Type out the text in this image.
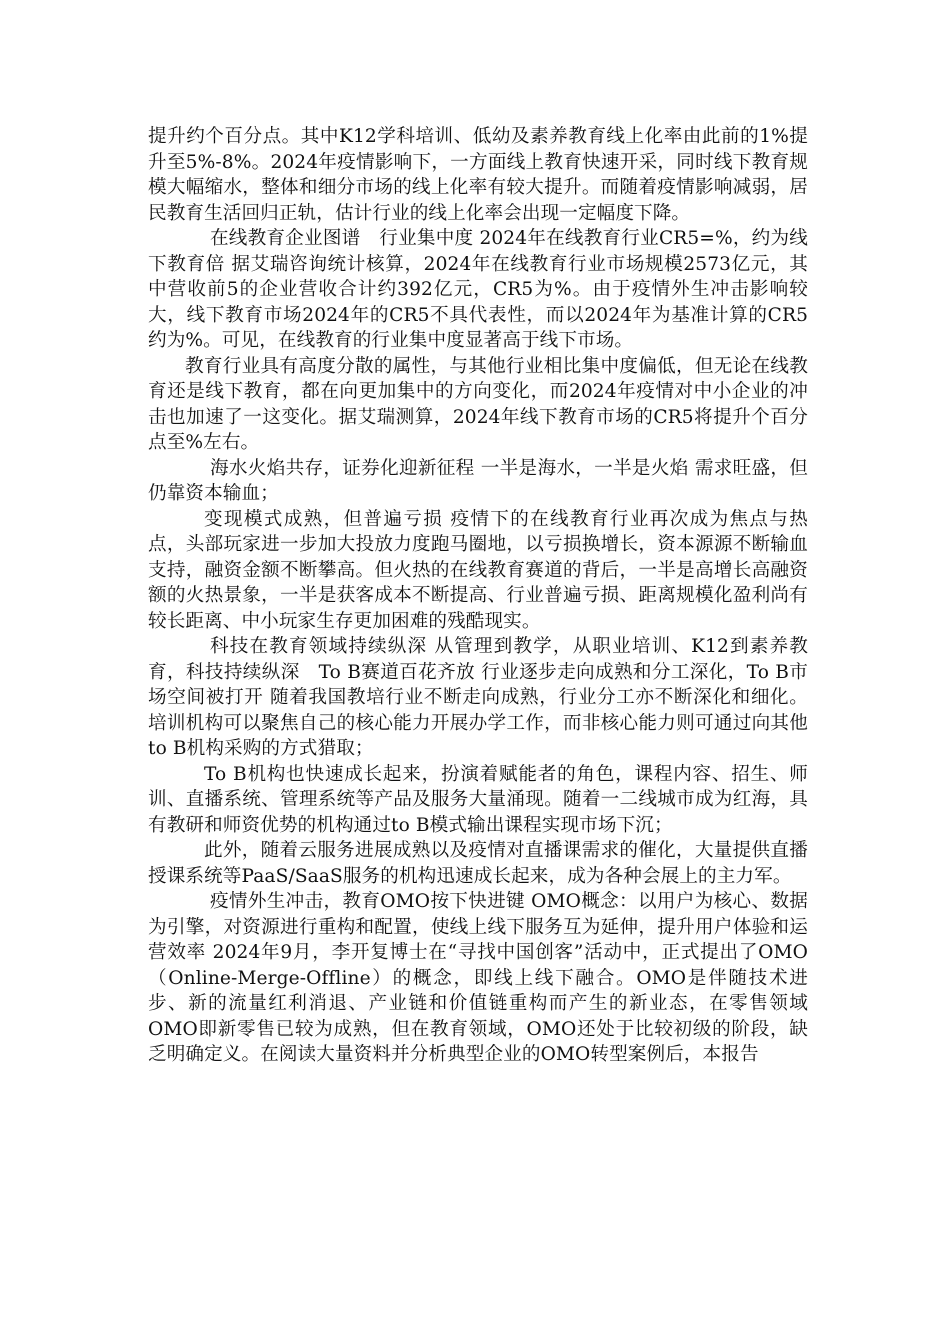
提升约个百分点。其中K12学科培训、低幼及素养教育线上化率由此前的1%提升至5%-8%。2024年疫情影响下，一方面线上教育快速开采，同时线下教育规模大幅缩水，整体和细分市场的线上化率有较大提升。而随着疫情影响减弱，居民教育生活回归正轨，估计行业的线上化率会出现一定幅度下降。

在线教育企业图谱　行业集中度 2024年在线教育行业CR5=%，约为线下教育倍 据艾瑞咨询统计核算，2024年在线教育行业市场规模2573亿元，其中营收前5的企业营收合计约392亿元，CR5为%。由于疫情外生冲击影响较大，线下教育市场2024年的CR5不具代表性，而以2024年为基准计算的CR5约为%。可见，在线教育的行业集中度显著高于线下市场。

教育行业具有高度分散的属性，与其他行业相比集中度偏低，但无论在线教育还是线下教育，都在向更加集中的方向变化，而2024年疫情对中小企业的冲击也加速了一这变化。据艾瑞测算，2024年线下教育市场的CR5将提升个百分点至%左右。

海水火焰共存，证券化迎新征程 一半是海水，一半是火焰 需求旺盛，但仍靠资本输血；

变现模式成熟，但普遍亏损 疫情下的在线教育行业再次成为焦点与热点，头部玩家进一步加大投放力度跑马圈地，以亏损换增长，资本源源不断输血支持，融资金额不断攀高。但火热的在线教育赛道的背后，一半是高增长高融资额的火热景象，一半是获客成本不断提高、行业普遍亏损、距离规模化盈利尚有较长距离、中小玩家生存更加困难的残酷现实。

科技在教育领域持续纵深 从管理到教学，从职业培训、K12到素养教育，科技持续纵深　To B赛道百花齐放 行业逐步走向成熟和分工深化，To B市场空间被打开 随着我国教培行业不断走向成熟，行业分工亦不断深化和细化。培训机构可以聚焦自己的核心能力开展办学工作，而非核心能力则可通过向其他to B机构采购的方式猎取；

To B机构也快速成长起来，扮演着赋能者的角色，课程内容、招生、师训、直播系统、管理系统等产品及服务大量涌现。随着一二线城市成为红海，具有教研和师资优势的机构通过to B模式输出课程实现市场下沉；

此外，随着云服务进展成熟以及疫情对直播课需求的催化，大量提供直播授课系统等PaaS/SaaS服务的机构迅速成长起来，成为各种会展上的主力军。

疫情外生冲击，教育OMO按下快进键 OMO概念：以用户为核心、数据为引擎，对资源进行重构和配置，使线上线下服务互为延伸，提升用户体验和运营效率 2024年9月，李开复博士在“寻找中国创客”活动中，正式提出了OMO（Online-Merge-Offline）的概念，即线上线下融合。OMO是伴随技术进步、新的流量红利消退、产业链和价值链重构而产生的新业态，在零售领域OMO即新零售已较为成熟，但在教育领域，OMO还处于比较初级的阶段，缺乏明确定义。在阅读大量资料并分析典型企业的OMO转型案例后，本报告
